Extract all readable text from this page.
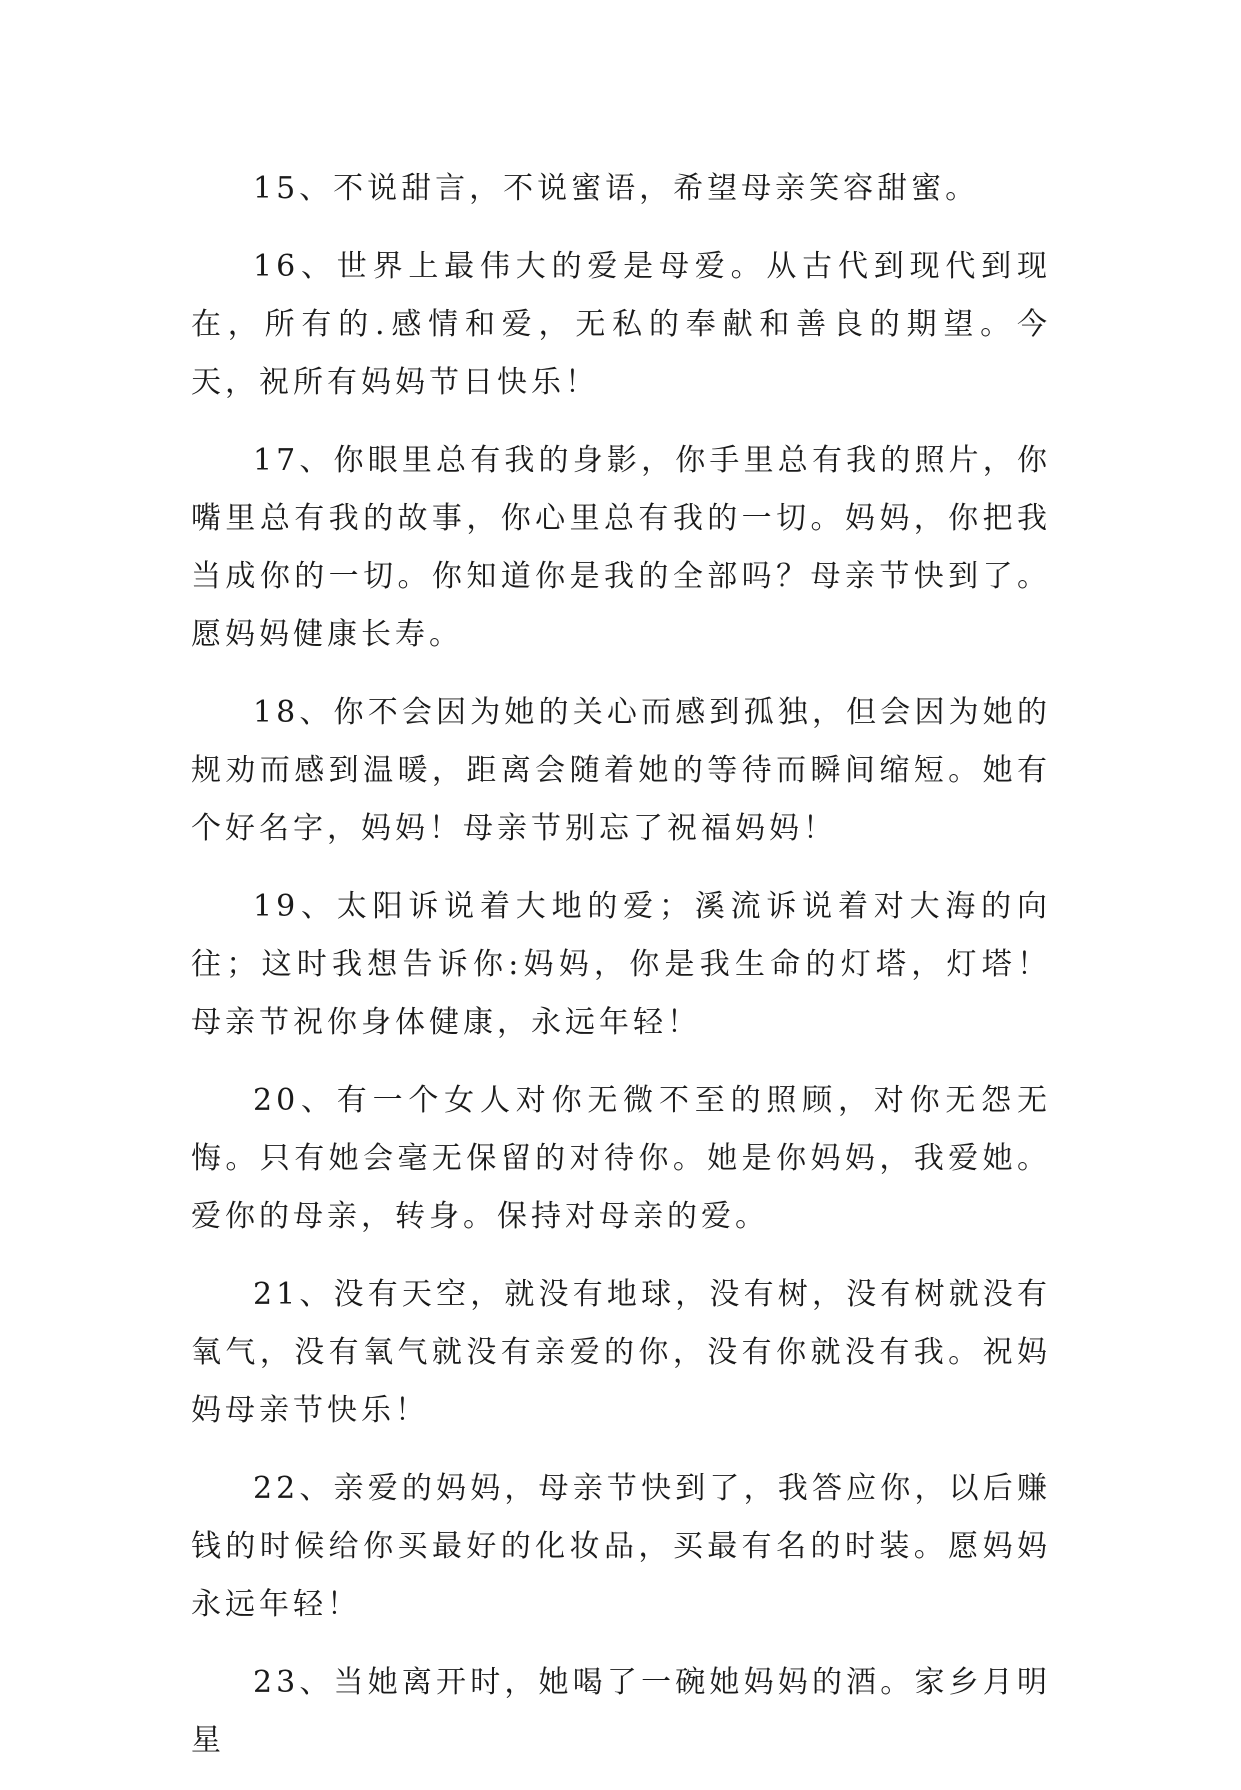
15、不说甜言，不说蜜语，希望母亲笑容甜蜜。

16、世界上最伟大的爱是母爱。从古代到现代到现在，所有的.感情和爱，无私的奉献和善良的期望。今天，祝所有妈妈节日快乐！

17、你眼里总有我的身影，你手里总有我的照片，你嘴里总有我的故事，你心里总有我的一切。妈妈，你把我当成你的一切。你知道你是我的全部吗？母亲节快到了。愿妈妈健康长寿。

18、你不会因为她的关心而感到孤独，但会因为她的规劝而感到温暖，距离会随着她的等待而瞬间缩短。她有个好名字，妈妈！母亲节别忘了祝福妈妈！

19、太阳诉说着大地的爱；溪流诉说着对大海的向往；这时我想告诉你:妈妈，你是我生命的灯塔，灯塔！母亲节祝你身体健康，永远年轻！

20、有一个女人对你无微不至的照顾，对你无怨无悔。只有她会毫无保留的对待你。她是你妈妈，我爱她。爱你的母亲，转身。保持对母亲的爱。

21、没有天空，就没有地球，没有树，没有树就没有氧气，没有氧气就没有亲爱的你，没有你就没有我。祝妈妈母亲节快乐！

22、亲爱的妈妈，母亲节快到了，我答应你，以后赚钱的时候给你买最好的化妆品，买最有名的时装。愿妈妈永远年轻！

23、当她离开时，她喝了一碗她妈妈的酒。家乡月明星
